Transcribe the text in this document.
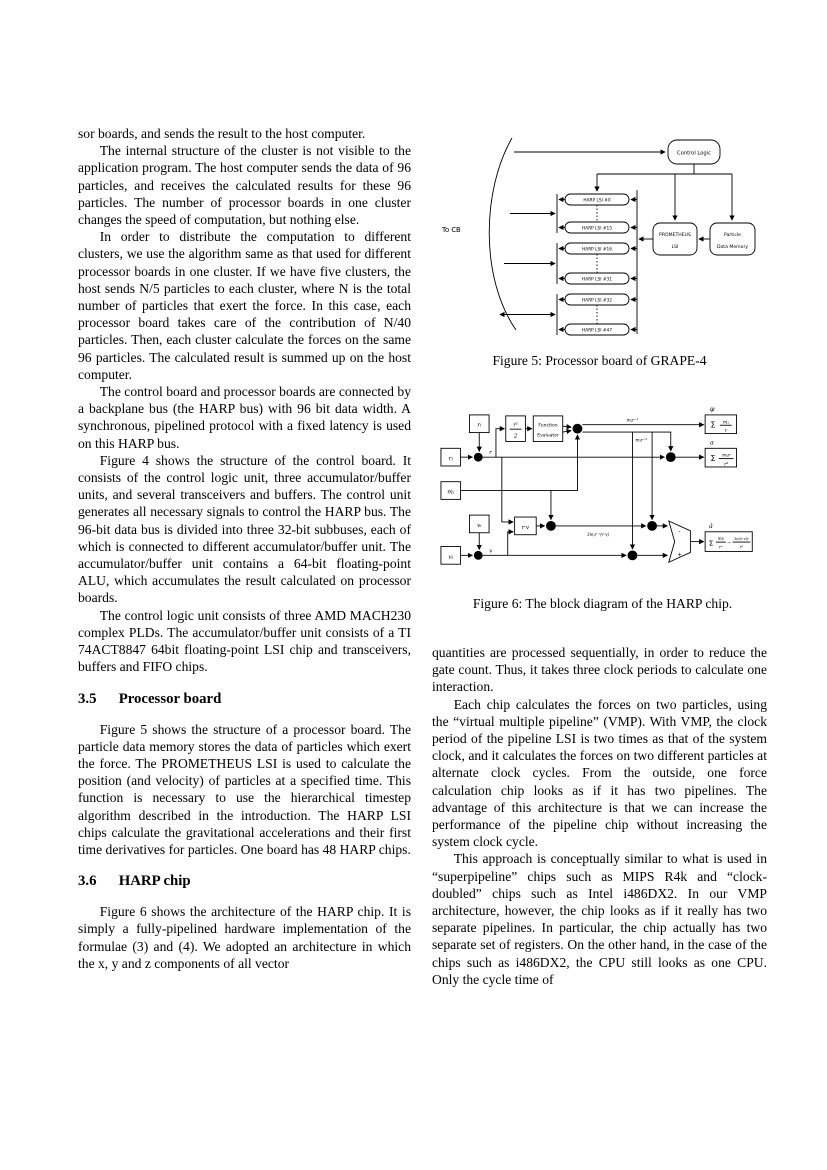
sor boards, and sends the result to the host computer.

The internal structure of the cluster is not visible to the application program. The host computer sends the data of 96 particles, and receives the calculated results for these 96 particles. The number of processor boards in one cluster changes the speed of computation, but nothing else.

In order to distribute the computation to different clusters, we use the algorithm same as that used for different processor boards in one cluster. If we have five clusters, the host sends N/5 particles to each cluster, where N is the total number of particles that exert the force. In this case, each processor board takes care of the contribution of N/40 particles. Then, each cluster calculate the forces on the same 96 particles. The calculated result is summed up on the host computer.

The control board and processor boards are connected by a backplane bus (the HARP bus) with 96 bit data width. A synchronous, pipelined protocol with a fixed latency is used on this HARP bus.

Figure 4 shows the structure of the control board. It consists of the control logic unit, three accumulator/buffer units, and several transceivers and buffers. The control unit generates all necessary signals to control the HARP bus. The 96-bit data bus is divided into three 32-bit subbuses, each of which is connected to different accumulator/buffer unit. The accumulator/buffer unit contains a 64-bit floating-point ALU, which accumulates the result calculated on processor boards.

The control logic unit consists of three AMD MACH230 complex PLDs. The accumulator/buffer unit consists of a TI 74ACT8847 64bit floating-point LSI chip and transceivers, buffers and FIFO chips.

3.5 Processor board

Figure 5 shows the structure of a processor board. The particle data memory stores the data of particles which exert the force. The PROMETHEUS LSI is used to calculate the position (and velocity) of particles at a specified time. This function is necessary to use the hierarchical timestep algorithm described in the introduction. The HARP LSI chips calculate the gravitational accelerations and their first time derivatives for particles. One board has 48 HARP chips.

3.6 HARP chip

Figure 6 shows the architecture of the HARP chip. It is simply a fully-pipelined hardware implementation of the formulae (3) and (4). We adopted an architecture in which the x, y and z components of all vector

To CB
Control Logic
PROMETHEUS
LSI
Particle
Data Memory
HARP LSI #0
HARP LSI #15
HARP LSI #16
HARP LSI #31
HARP LSI #32
HARP LSI #47
Figure 5: Processor board of GRAPE-4
rᵢ
rⱼ
mⱼ
vᵢ
vⱼ
r²
2
Function
Evaluator
r·v
-
+
r
v
mⱼr⁻¹
mⱼr⁻³
3mⱼr⁻⁵(r·v)
φ
Σ mⱼ
r
a
Σ mⱼr
r³
ȧ
Σ
mv
r³
−
3m(r·v)r
r⁵
Figure 6: The block diagram of the HARP chip.

quantities are processed sequentially, in order to reduce the gate count. Thus, it takes three clock periods to calculate one interaction.

Each chip calculates the forces on two particles, using the “virtual multiple pipeline” (VMP). With VMP, the clock period of the pipeline LSI is two times as that of the system clock, and it calculates the forces on two different particles at alternate clock cycles. From the outside, one force calculation chip looks as if it has two pipelines. The advantage of this architecture is that we can increase the performance of the pipeline chip without increasing the system clock cycle.

This approach is conceptually similar to what is used in “superpipeline” chips such as MIPS R4k and “clock-doubled” chips such as Intel i486DX2. In our VMP architecture, however, the chip looks as if it really has two separate pipelines. In particular, the chip actually has two separate set of registers. On the other hand, in the case of the chips such as i486DX2, the CPU still looks as one CPU. Only the cycle time of
